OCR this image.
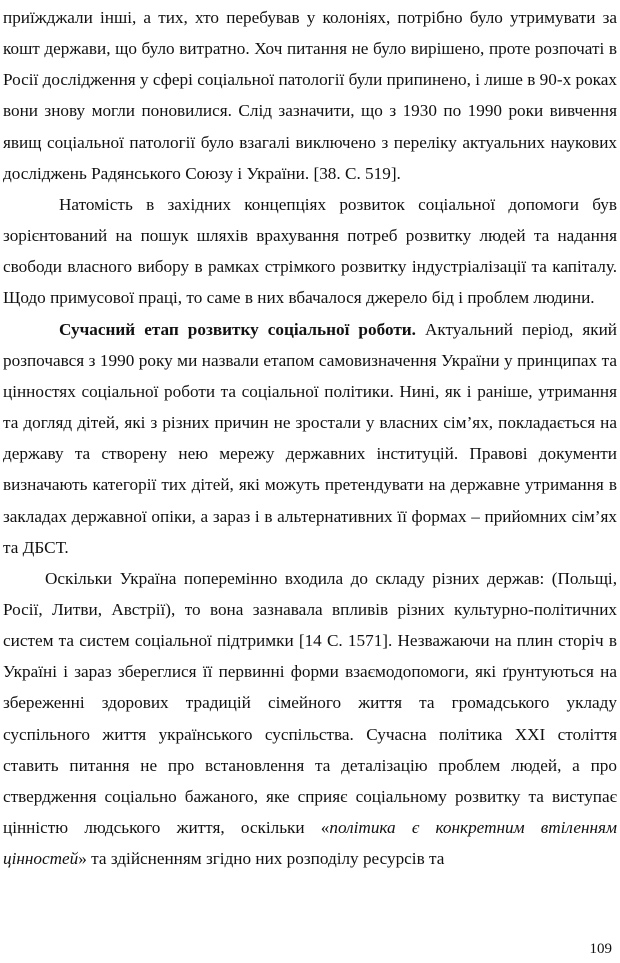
приїжджали інші, а тих, хто перебував у колоніях, потрібно було утримувати за кошт держави, що було витратно. Хоч питання не було вирішено, проте розпочаті в Росії дослідження у сфері соціальної патології були припинено, і лише в 90-х роках вони знову могли поновилися. Слід зазначити, що з 1930 по 1990 роки вивчення явищ соціальної патології було взагалі виключено з переліку актуальних наукових досліджень Радянського Союзу і України. [38. С. 519].

Натомість в західних концепціях розвиток соціальної допомоги був зорієнтований на пошук шляхів врахування потреб розвитку людей та надання свободи власного вибору в рамках стрімкого розвитку індустріалізації та капіталу. Щодо примусової праці, то саме в них вбачалося джерело бід і проблем людини.

Сучасний етап розвитку соціальної роботи. Актуальний період, який розпочався з 1990 року ми назвали етапом самовизначення України у принципах та цінностях соціальної роботи та соціальної політики. Нині, як і раніше, утримання та догляд дітей, які з різних причин не зростали у власних сім’ях, покладається на державу та створену нею мережу державних інституцій. Правові документи визначають категорії тих дітей, які можуть претендувати на державне утримання в закладах державної опіки, а зараз і в альтернативних її формах – прийомних сім’ях та ДБСТ.

Оскільки Україна поперемінно входила до складу різних держав: (Польщі, Росії, Литви, Австрії), то вона зазнавала впливів різних культурно-політичних систем та систем соціальної підтримки [14 С. 1571]. Незважаючи на плин сторіч в Україні і зараз збереглися її первинні форми взаємодопомоги, які ґрунтуються на збереженні здорових традицій сімейного життя та громадського укладу суспільного життя українського суспільства. Сучасна політика ХХІ століття ставить питання не про встановлення та деталізацію проблем людей, а про ствердження соціально бажаного, яке сприяє соціальному розвитку та виступає цінністю людського життя, оскільки «політика є конкретним втіленням цінностей» та здійсненням згідно них розподілу ресурсів та

109
